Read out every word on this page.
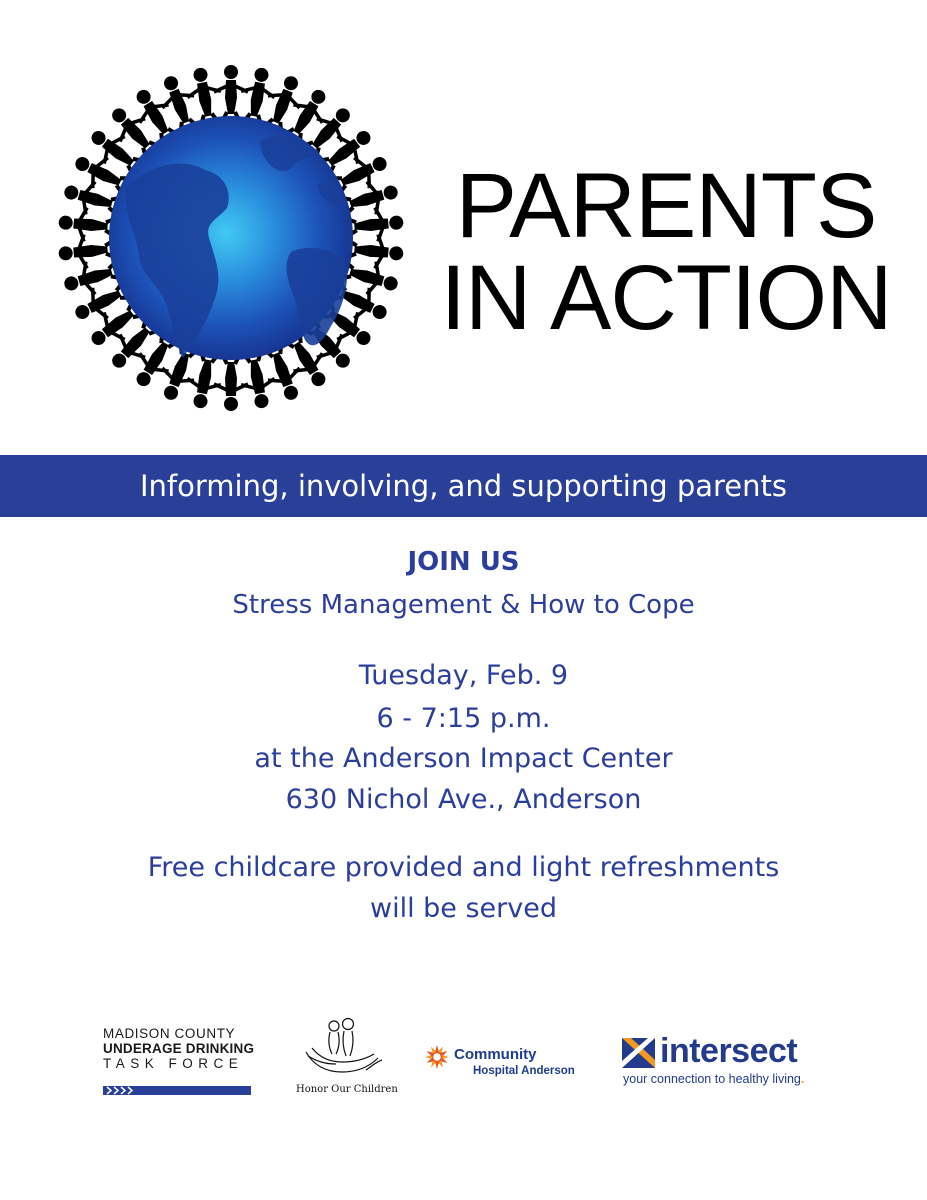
PARENTS
IN ACTION
Informing, involving, and supporting parents
JOIN US
Stress Management & How to Cope
Tuesday, Feb. 9
6 - 7:15 p.m.
at the Anderson Impact Center
630 Nichol Ave., Anderson
Free childcare provided and light refreshments
will be served
MADISON COUNTY
UNDERAGE DRINKING
TASK FORCE
Honor Our Children
Community
Hospital Anderson
intersect
your connection to healthy living.
